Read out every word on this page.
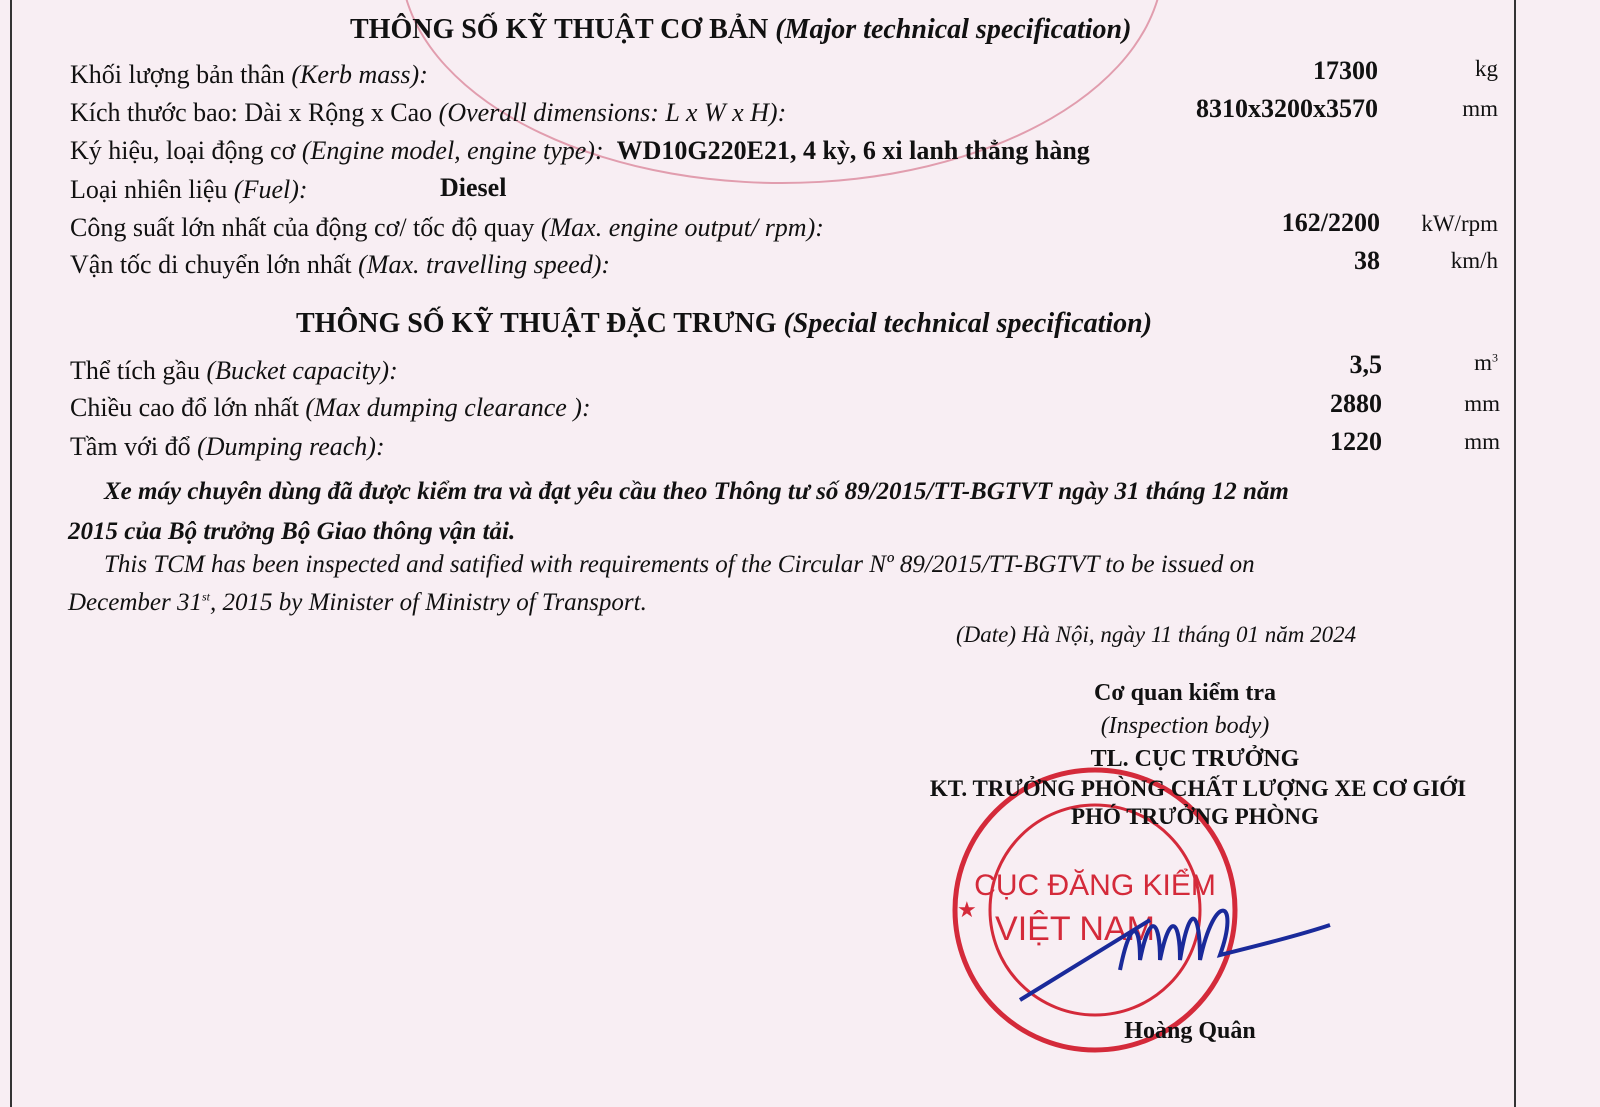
THÔNG SỐ KỸ THUẬT CƠ BẢN (Major technical specification)
Khối lượng bản thân (Kerb mass):	17300	kg
Kích thước bao: Dài x Rộng x Cao (Overall dimensions: L x W x H):	8310x3200x3570	mm
Ký hiệu, loại động cơ (Engine model, engine type): WD10G220E21, 4 kỳ, 6 xi lanh thẳng hàng
Loại nhiên liệu (Fuel):	Diesel
Công suất lớn nhất của động cơ/ tốc độ quay (Max. engine output/ rpm):	162/2200	kW/rpm
Vận tốc di chuyển lớn nhất (Max. travelling speed):	38	km/h
THÔNG SỐ KỸ THUẬT ĐẶC TRƯNG (Special technical specification)
Thể tích gầu (Bucket capacity):	3,5	$m^3$
Chiều cao đổ lớn nhất (Max dumping clearance ):	2880	mm
Tầm với đổ (Dumping reach):	1220	mm
Xe máy chuyên dùng đã được kiểm tra và đạt yêu cầu theo Thông tư số 89/2015/TT-BGTVT ngày 31 tháng 12 năm
2015 của Bộ trưởng Bộ Giao thông vận tải.
This TCM has been inspected and satified with requirements of the Circular Nº 89/2015/TT-BGTVT to be issued on
December 31st, 2015 by Minister of Ministry of Transport.
(Date) Hà Nội, ngày 11 tháng 01 năm 2024
CỤC ĐĂNG KIỂM
VIỆT NAM
★
Cơ quan kiểm tra
(Inspection body)
TL. CỤC TRƯỞNG
KT. TRƯỞNG PHÒNG CHẤT LƯỢNG XE CƠ GIỚI
PHÓ TRƯỞNG PHÒNG
Hoàng Quân
